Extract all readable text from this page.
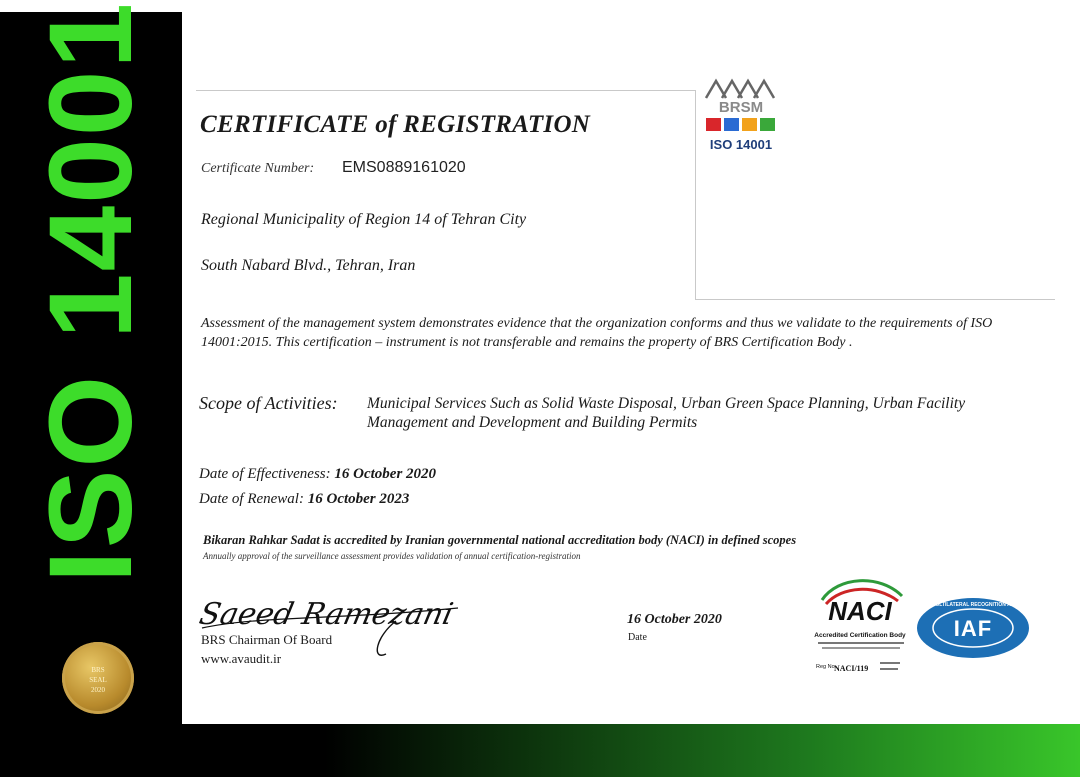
ISO 14001
BRS
SEAL
2020
BRSM
ISO 14001
CERTIFICATE of REGISTRATION
Certificate Number: EMS0889161020
Regional Municipality of Region 14 of Tehran City
South Nabard Blvd., Tehran, Iran
Assessment of the management system demonstrates evidence that the organization conforms and thus we validate to the requirements of ISO 14001:2015. This certification – instrument is not transferable and remains the property of BRS Certification Body .
Scope of Activities: Municipal Services Such as Solid Waste Disposal, Urban Green Space Planning, Urban Facility Management and Development and Building Permits
Date of Effectiveness: 16 October 2020
Date of Renewal: 16 October 2023
Bikaran Rahkar Sadat is accredited by Iranian governmental national accreditation body (NACI) in defined scopes
Annually approval of the surveillance assessment provides validation of annual certification-registration
Saeed Ramezani
BRS Chairman Of Board
www.avaudit.ir
16 October 2020
Date
NACI
Accredited Certification Body
Reg No.
NACI/119
IAF
MEMBER OF MULTILATERAL RECOGNITION ARRANGEMENT
